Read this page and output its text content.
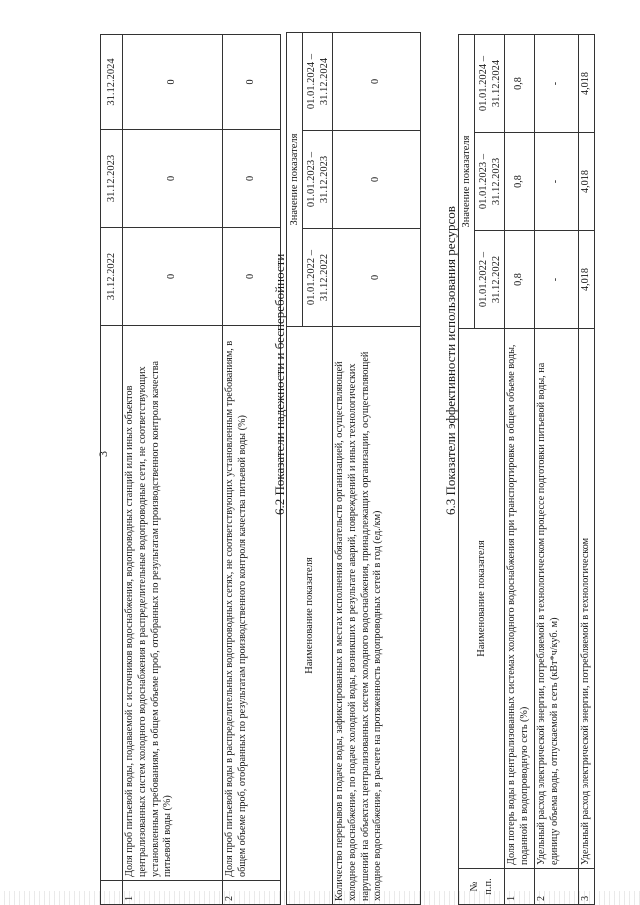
3
		31.12.2022	31.12.2023	31.12.2024
1	Доля проб питьевой воды, подаваемой с источников водоснабжения, водопроводных станций или иных объектов централизованных систем холодного водоснабжения в распределительные водопроводные сети, не соответствующих установленным требованиям, в общем объеме проб, отобранных по результатам производственного контроля качества питьевой воды (%)	0	0	0
2	Доля проб питьевой воды в распределительных водопроводных сетях, не соответствующих установленным требованиям, в общем объеме проб, отобранных по результатам производственного контроля качества питьевой воды (%)	0	0	0
6.2 Показатели надежности и бесперебойности
Наименование показателя	Значение показателя		
	01.01.2022 – 31.12.2022	01.01.2023 – 31.12.2023	01.01.2024 – 31.12.2024
Количество перерывов в подаче воды, зафиксированных в местах исполнения обязательств организацией, осуществляющей холодное водоснабжение, по подаче холодной воды, возникших в результате аварий, повреждений и иных технологических нарушений на объектах централизованных систем холодного водоснабжения, принадлежащих организации, осуществляющей холодное водоснабжение, в расчете на протяженность водопроводных сетей в год (ед./км)	0	0	0
6.3 Показатели эффективности использования ресурсов
№ п.п.	Наименование показателя	Значение показателя		
		01.01.2022 – 31.12.2022	01.01.2023 – 31.12.2023	01.01.2024 – 31.12.2024
1	Доля потерь воды в централизованных системах холодного водоснабжения при транспортировке в общем объеме воды, поданной в водопроводную сеть (%)	0,8	0,8	0,8
2	Удельный расход электрической энергии, потребляемой в технологическом процессе подготовки питьевой воды, на единицу объема воды, отпускаемой в сеть (кВт*ч/куб. м)	-	-	-
3	Удельный расход электрической энергии, потребляемой в технологическом	4,018	4,018	4,018
